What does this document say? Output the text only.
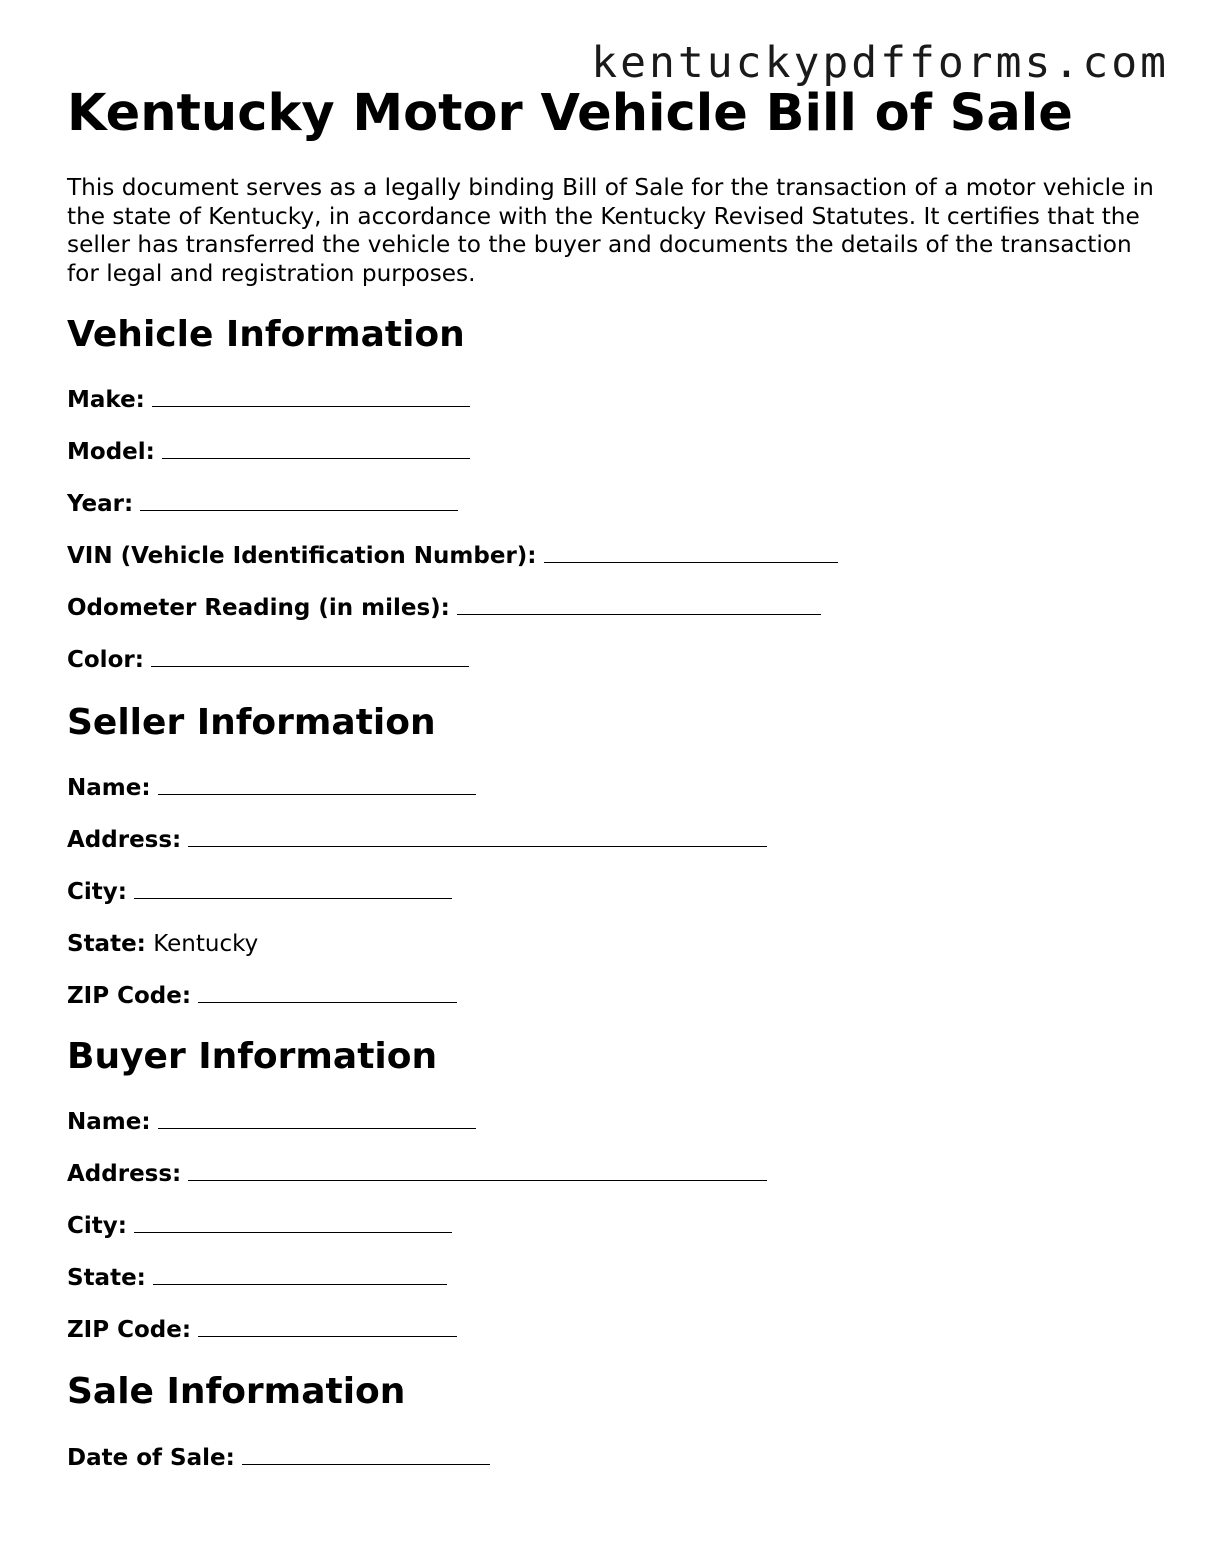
kentuckypdfforms.com
Kentucky Motor Vehicle Bill of Sale

This document serves as a legally binding Bill of Sale for the transaction of a motor vehicle in the state of Kentucky, in accordance with the Kentucky Revised Statutes. It certifies that the seller has transferred the vehicle to the buyer and documents the details of the transaction for legal and registration purposes.

Vehicle Information
Make:
Model:
Year:
VIN (Vehicle Identification Number):
Odometer Reading (in miles):
Color:
Seller Information
Name:
Address:
City:
State: Kentucky
ZIP Code:
Buyer Information
Name:
Address:
City:
State:
ZIP Code:
Sale Information
Date of Sale:
